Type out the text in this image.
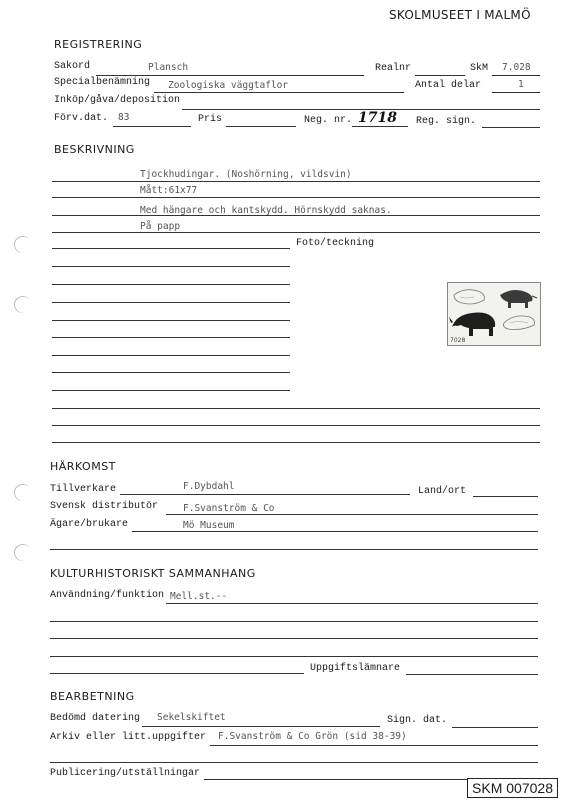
SKOLMUSEET I MALMÖ
REGISTRERING
Sakord	Plansch	Realnr	SkM 7.028
Specialbenämning Zoologiska väggtaflor	Antal delar	1
Inköp/gåva/deposition
Förv.dat. 83	Pris	Neg. nr. 1718 Reg. sign.
BESKRIVNING
Tjockhudingar. (Noshörning, vildsvin)
Mått:61x77
Med hängare och kantskydd. Hörnskydd saknas.
På papp
Foto/teckning
7028
HÄRKOMST
Tillverkare	F.Dybdahl	Land/ort
Svensk distributör	F.Svanström & Co
Ägare/brukare	Mö Museum
KULTURHISTORISKT SAMMANHANG
Användning/funktion Mell.st.--
Uppgiftslämnare
BEARBETNING
Bedömd datering Sekelskiftet	Sign. dat.
Arkiv eller litt.uppgifter F.Svanström & Co Grön (sid 38-39)
Publicering/utställningar
SKM 007028
